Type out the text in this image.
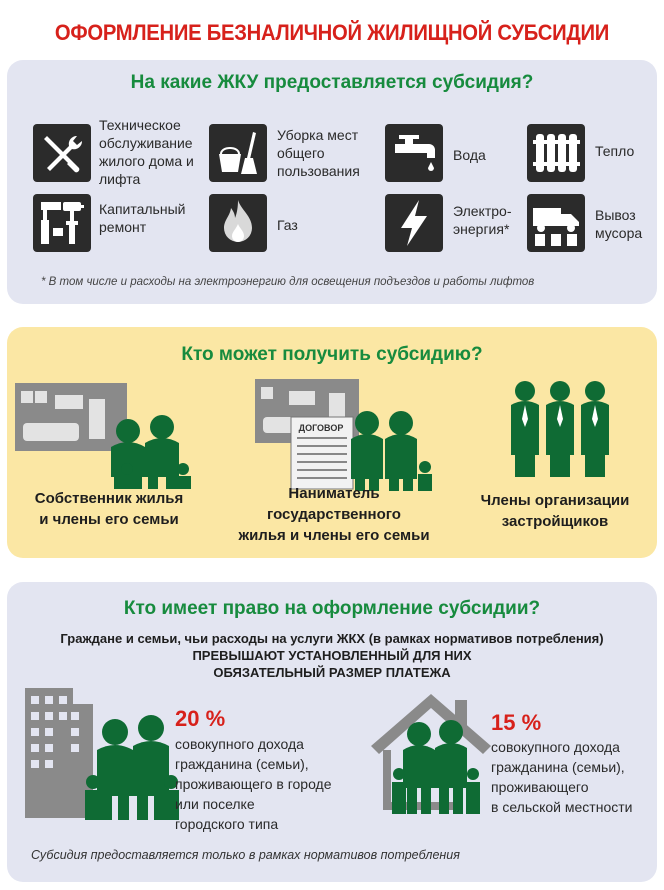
ОФОРМЛЕНИЕ БЕЗНАЛИЧНОЙ ЖИЛИЩНОЙ СУБСИДИИ
На какие ЖКУ предоставляется субсидия?
Техническое обслуживание жилого дома и лифта
Уборка мест общего пользования
Вода	Тепло
Капитальный ремонт	Газ
Электро-энергия*
Вывоз мусора
* В том числе и расходы на электроэнергию для освещения подъездов и работы лифтов
Кто может получить субсидию?
Собственник жилья
и члены его семьи
ДОГОВОР
Наниматель
государственного
жилья и члены его семьи
Члены организации
застройщиков
Кто имеет право на оформление субсидии?
Граждане и семьи, чьи расходы на услуги ЖКХ (в рамках нормативов потребления)
ПРЕВЫШАЮТ УСТАНОВЛЕННЫЙ ДЛЯ НИХ
ОБЯЗАТЕЛЬНЫЙ РАЗМЕР ПЛАТЕЖА
20 %
совокупного дохода
гражданина (семьи),
проживающего в городе
или поселке
городского типа
15 %
совокупного дохода
гражданина (семьи),
проживающего
в сельской местности
Субсидия предоставляется только в рамках нормативов потребления
